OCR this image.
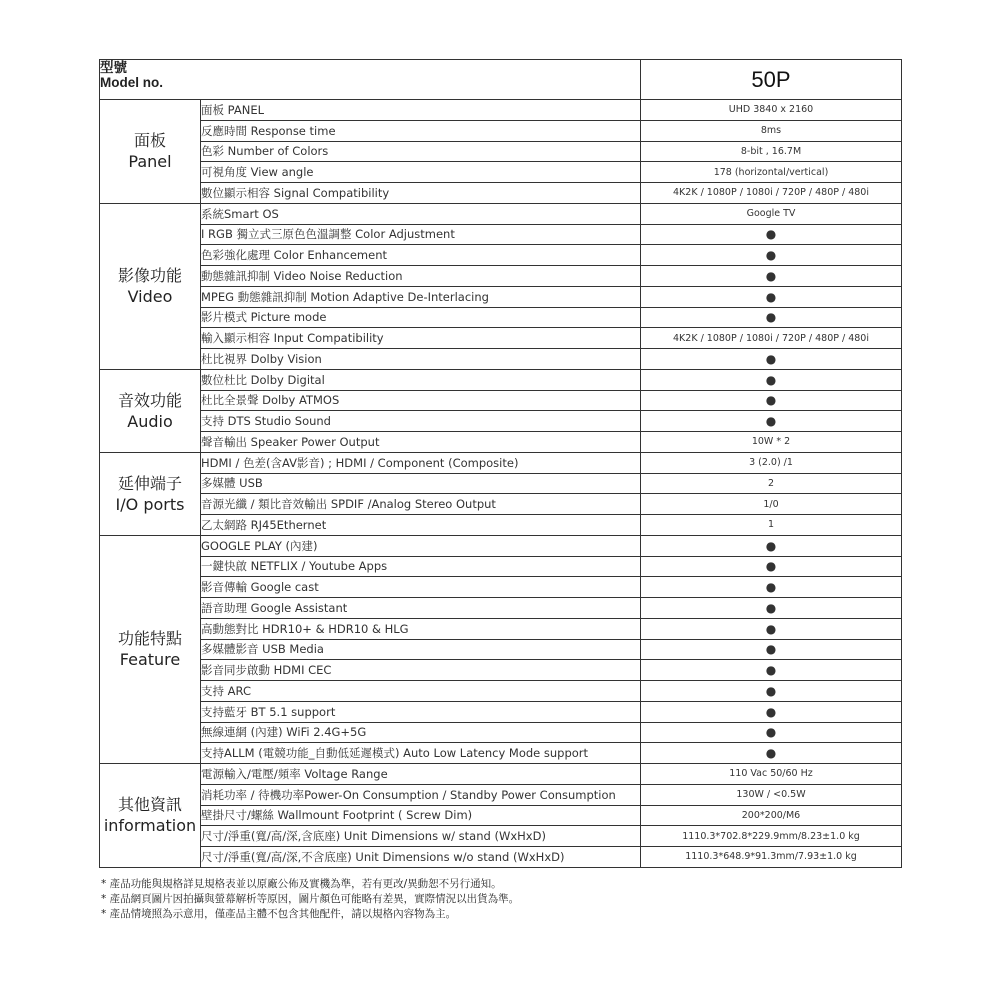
型號
Model no.		50P

面板
Panel	面板 PANEL	UHD 3840 x 2160
	反應時間 Response time	8ms
	色彩 Number of Colors	8-bit , 16.7M
	可視角度 View angle	178 (horizontal/vertical)
	數位顯示相容 Signal Compatibility	4K2K / 1080P / 1080i / 720P / 480P / 480i

影像功能
Video	系統Smart OS	Google TV
	I RGB 獨立式三原色色溫調整 Color Adjustment	●
	色彩強化處理 Color Enhancement	●
	動態雜訊抑制 Video Noise Reduction	●
	MPEG 動態雜訊抑制 Motion Adaptive De-Interlacing	●
	影片模式 Picture mode	●
	輸入顯示相容 Input Compatibility	4K2K / 1080P / 1080i / 720P / 480P / 480i
	杜比視界 Dolby Vision	●

音效功能
Audio	數位杜比 Dolby Digital	●
	杜比全景聲 Dolby ATMOS	●
	支持 DTS Studio Sound	●
	聲音輸出 Speaker Power Output	10W * 2

延伸端子
I/O ports	HDMI / 色差(含AV影音) ; HDMI / Component (Composite)	3 (2.0) /1
	多媒體 USB	2
	音源光纖 / 類比音效輸出 SPDIF /Analog Stereo Output	1/0
	乙太網路 RJ45Ethernet	1

功能特點
Feature	GOOGLE PLAY (內建)	●
	一鍵快啟 NETFLIX / Youtube Apps	●
	影音傳輸 Google cast	●
	語音助理 Google Assistant	●
	高動態對比 HDR10+ & HDR10 & HLG	●
	多媒體影音 USB Media	●
	影音同步啟動 HDMI CEC	●
	支持 ARC	●
	支持藍牙 BT 5.1 support	●
	無線連網 (內建) WiFi 2.4G+5G	●
	支持ALLM (電競功能_自動低延遲模式) Auto Low Latency Mode support	●

其他資訊
information	電源輸入/電壓/頻率 Voltage Range	110 Vac 50/60 Hz
	消耗功率 / 待機功率Power-On Consumption / Standby Power Consumption	130W / <0.5W
	壁掛尺寸/螺絲 Wallmount Footprint ( Screw Dim)	200*200/M6
	尺寸/淨重(寬/高/深,含底座) Unit Dimensions w/ stand (WxHxD)	1110.3*702.8*229.9mm/8.23±1.0 kg
	尺寸/淨重(寬/高/深,不含底座) Unit Dimensions w/o stand (WxHxD)	1110.3*648.9*91.3mm/7.93±1.0 kg
* 產品功能與規格詳見規格表並以原廠公佈及實機為準，若有更改/異動恕不另行通知。
* 產品網頁圖片因拍攝與螢幕解析等原因，圖片顏色可能略有差異，實際情況以出貨為準。
* 產品情境照為示意用，僅產品主體不包含其他配件，請以規格內容物為主。
